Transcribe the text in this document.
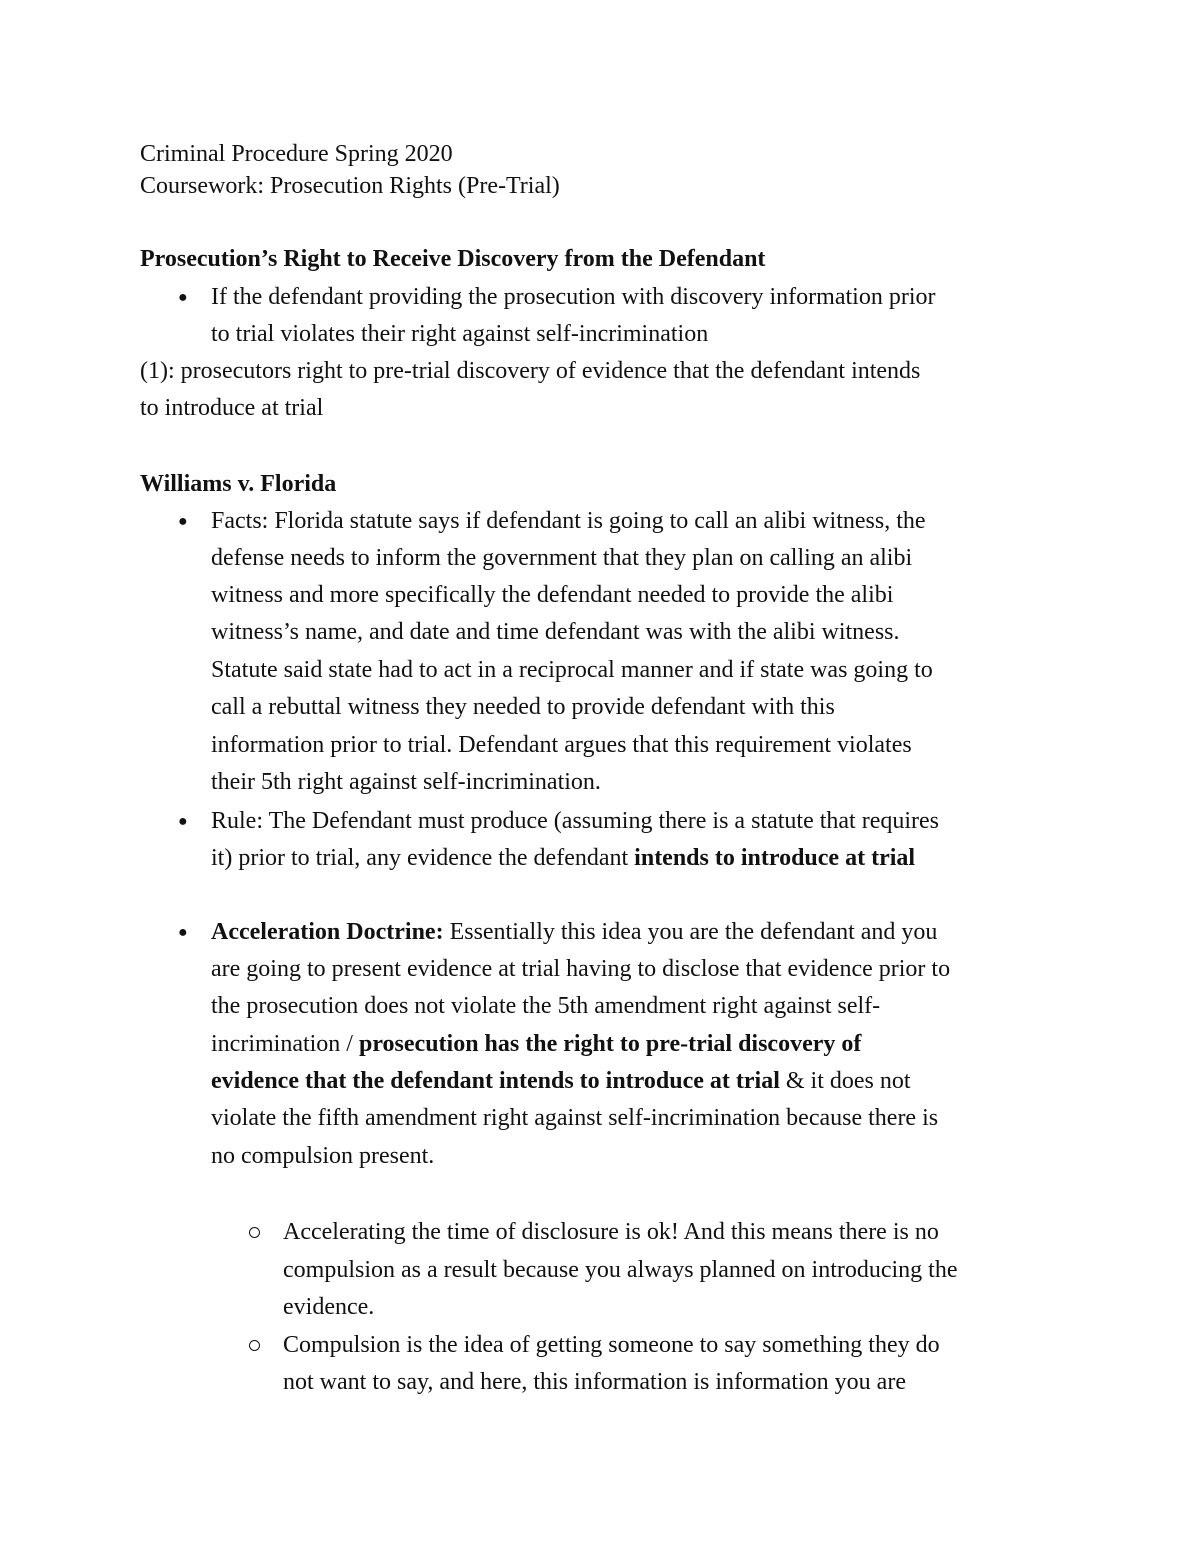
Criminal Procedure Spring 2020
Coursework: Prosecution Rights (Pre-Trial)
Prosecution’s Right to Receive Discovery from the Defendant
● If the defendant providing the prosecution with discovery information prior
to trial violates their right against self-incrimination
(1): prosecutors right to pre-trial discovery of evidence that the defendant intends
to introduce at trial
Williams v. Florida
● Facts: Florida statute says if defendant is going to call an alibi witness, the
defense needs to inform the government that they plan on calling an alibi
witness and more specifically the defendant needed to provide the alibi
witness’s name, and date and time defendant was with the alibi witness.
Statute said state had to act in a reciprocal manner and if state was going to
call a rebuttal witness they needed to provide defendant with this
information prior to trial. Defendant argues that this requirement violates
their 5th right against self-incrimination.
● Rule: The Defendant must produce (assuming there is a statute that requires
it) prior to trial, any evidence the defendant intends to introduce at trial
● Acceleration Doctrine: Essentially this idea you are the defendant and you
are going to present evidence at trial having to disclose that evidence prior to
the prosecution does not violate the 5th amendment right against self-
incrimination / prosecution has the right to pre-trial discovery of
evidence that the defendant intends to introduce at trial & it does not
violate the fifth amendment right against self-incrimination because there is
no compulsion present.
Accelerating the time of disclosure is ok! And this means there is no
compulsion as a result because you always planned on introducing the
evidence.
Compulsion is the idea of getting someone to say something they do
not want to say, and here, this information is information you are
